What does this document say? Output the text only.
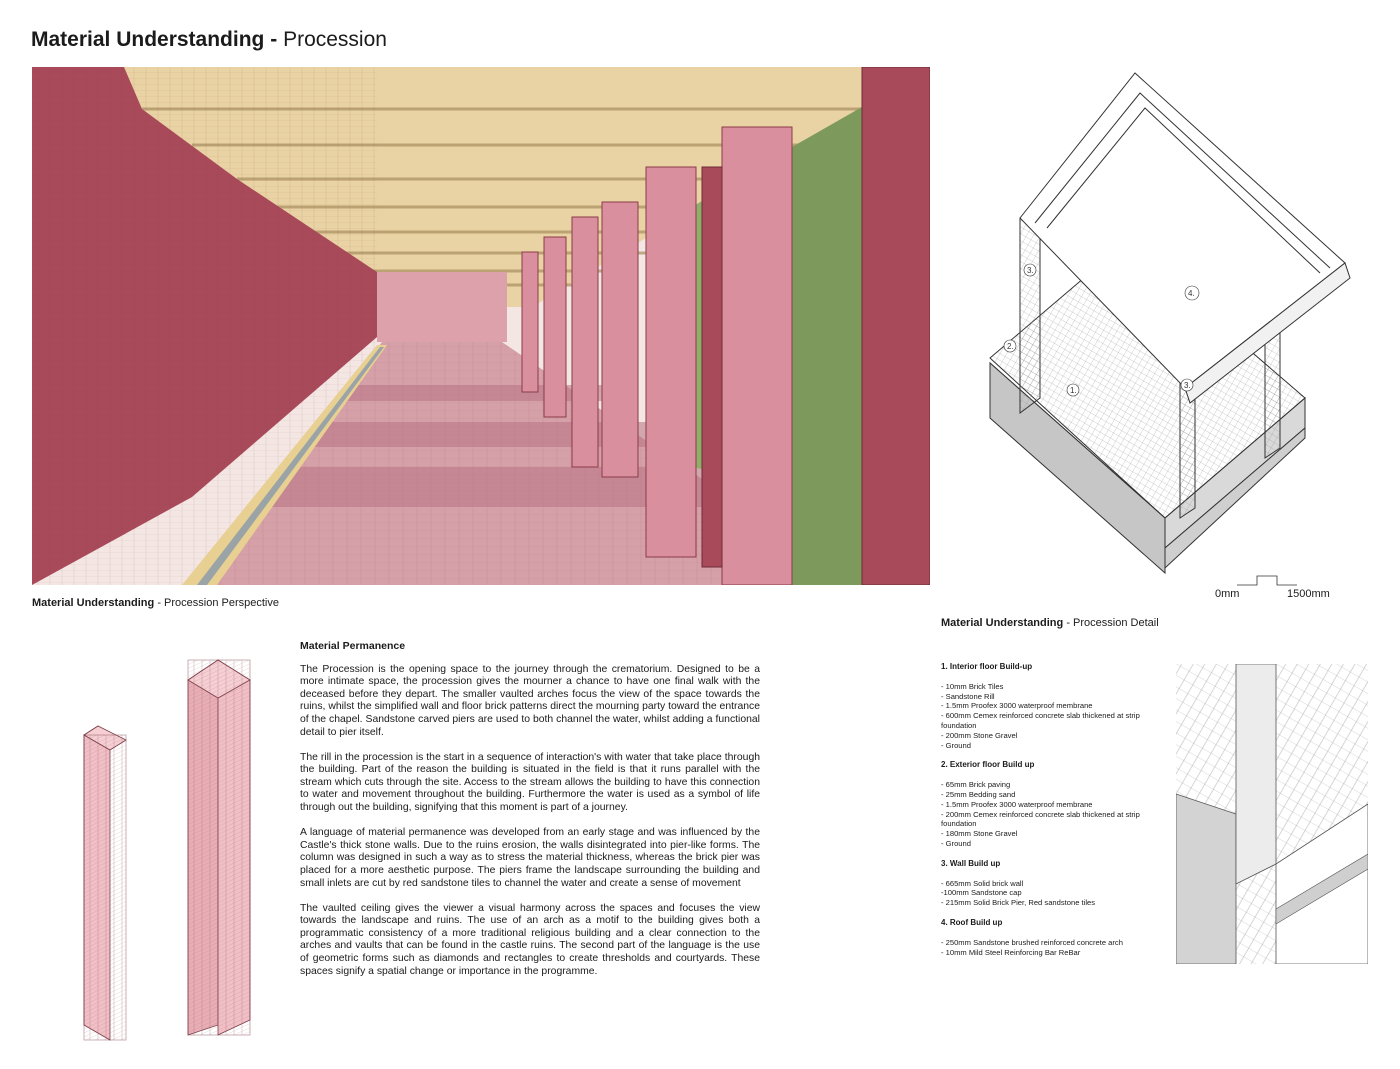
Material Understanding - Procession
Material Understanding - Procession Perspective
3.
4.
2.
1.
3.
0mm	1500mm
Material Understanding - Procession Detail
Material Permanence

The Procession is the opening space to the journey through the crematorium. Designed to be a more intimate space, the procession gives the mourner a chance to have one final walk with the deceased before they depart. The smaller vaulted arches focus the view of the space towards the ruins, whilst the simplified wall and floor brick patterns direct the mourning party toward the entrance of the chapel. Sandstone carved piers are used to both channel the water, whilst adding a functional detail to pier itself.

The rill in the procession is the start in a sequence of interaction's with water that take place through the building. Part of the reason the building is situated in the field is that it runs parallel with the stream which cuts through the site. Access to the stream allows the building to have this connection to water and movement throughout the building. Furthermore the water is used as a symbol of life through out the building, signifying that this moment is part of a journey.

A language of material permanence was developed from an early stage and was influenced by the Castle's thick stone walls. Due to the ruins erosion, the walls disintegrated into pier-like forms. The column was designed in such a way as to stress the material thickness, whereas the brick pier was placed for a more aesthetic purpose. The piers frame the landscape surrounding the building and small inlets are cut by red sandstone tiles to channel the water and create a sense of movement

The vaulted ceiling gives the viewer a visual harmony across the spaces and focuses the view towards the landscape and ruins. The use of an arch as a motif to the building gives both a programmatic consistency of a more traditional religious building and a clear connection to the arches and vaults that can be found in the castle ruins. The second part of the language is the use of geometric forms such as diamonds and rectangles to create thresholds and courtyards. These spaces signify a spatial change or importance in the programme.

1. Interior floor Build-up
- 10mm Brick Tiles
- Sandstone Rill
- 1.5mm Proofex 3000 waterproof membrane
- 600mm Cemex reinforced concrete slab thickened at strip foundation
- 200mm Stone Gravel
- Ground
2. Exterior floor Build up
- 65mm Brick paving
- 25mm Bedding sand
- 1.5mm Proofex 3000 waterproof membrane
- 200mm Cemex reinforced concrete slab thickened at strip foundation
- 180mm Stone Gravel
- Ground
3. Wall Build up
- 665mm Solid brick wall
-100mm Sandstone cap
- 215mm Solid Brick Pier, Red sandstone tiles
4. Roof Build up
- 250mm Sandstone brushed reinforced concrete arch
- 10mm Mild Steel Reinforcing Bar ReBar
